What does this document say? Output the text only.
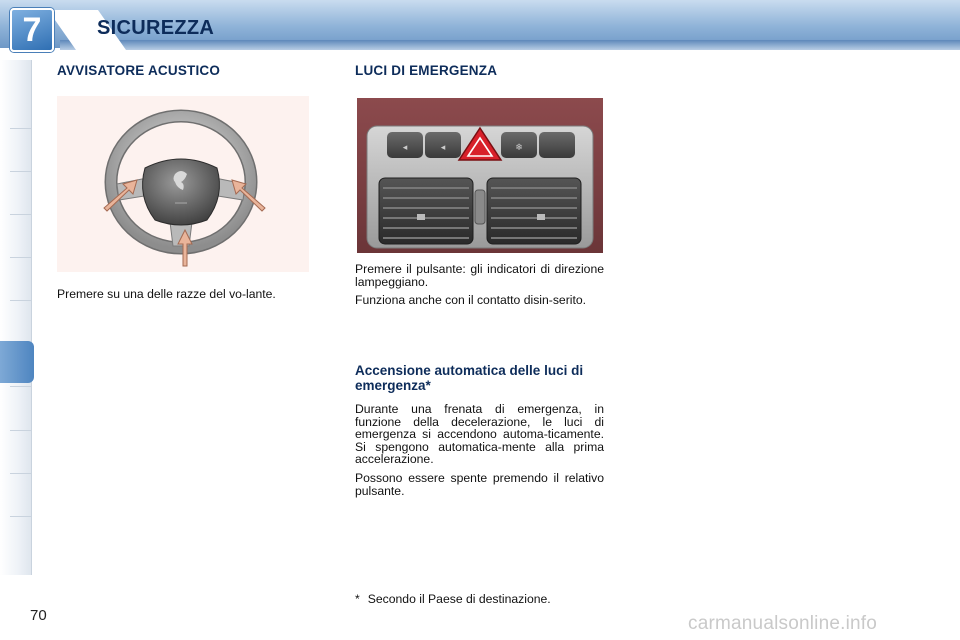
7	SICUREZZA
AVVISATORE ACUSTICO
Premere su una delle razze del vo-lante.
LUCI DI EMERGENZA
◂	◂	❄
Premere il pulsante: gli indicatori di direzione lampeggiano.
Funziona anche con il contatto disin-serito.
Accensione automatica delle luci di emergenza*
Durante una frenata di emergenza, in funzione della decelerazione, le luci di emergenza si accendono automa-ticamente. Si spengono automatica-mente alla prima accelerazione.
Possono essere spente premendo il relativo pulsante.
* Secondo il Paese di destinazione.
70	carmanualsonline.info
